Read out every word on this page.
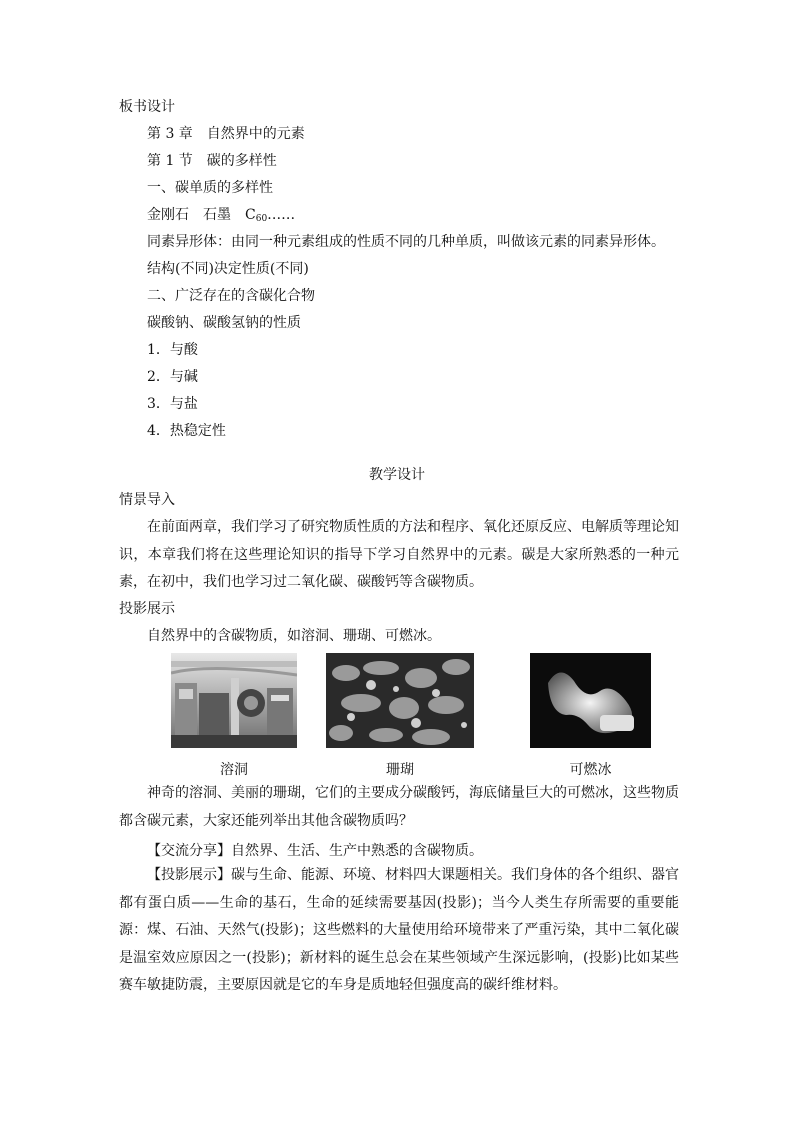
板书设计
第 3 章　自然界中的元素
第 1 节　碳的多样性
一、碳单质的多样性
金刚石　石墨　$C_{60}\dots\dots$
同素异形体：由同一种元素组成的性质不同的几种单质，叫做该元素的同素异形体。
结构(不同)决定性质(不同)
二、广泛存在的含碳化合物
碳酸钠、碳酸氢钠的性质
1．与酸
2．与碱
3．与盐
4．热稳定性
教学设计
情景导入
在前面两章，我们学习了研究物质性质的方法和程序、氧化还原反应、电解质等理论知识，本章我们将在这些理论知识的指导下学习自然界中的元素。碳是大家所熟悉的一种元素，在初中，我们也学习过二氧化碳、碳酸钙等含碳物质。
投影展示
自然界中的含碳物质，如溶洞、珊瑚、可燃冰。
溶洞	珊瑚	可燃冰
神奇的溶洞、美丽的珊瑚，它们的主要成分碳酸钙，海底储量巨大的可燃冰，这些物质都含碳元素，大家还能列举出其他含碳物质吗？
【交流分享】自然界、生活、生产中熟悉的含碳物质。
【投影展示】碳与生命、能源、环境、材料四大课题相关。我们身体的各个组织、器官都有蛋白质——生命的基石，生命的延续需要基因(投影)；当今人类生存所需要的重要能源：煤、石油、天然气(投影)；这些燃料的大量使用给环境带来了严重污染，其中二氧化碳是温室效应原因之一(投影)；新材料的诞生总会在某些领域产生深远影响，(投影)比如某些赛车敏捷防震，主要原因就是它的车身是质地轻但强度高的碳纤维材料。
